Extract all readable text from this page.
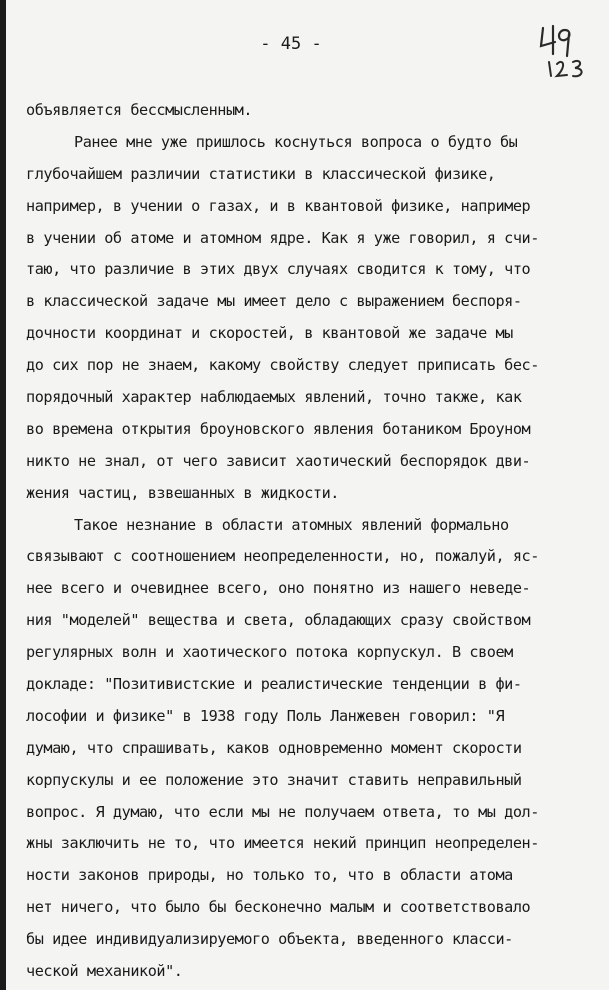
- 45 -
объявляется бессмысленным.
Ранее мне уже пришлось коснуться вопроса о будто бы
глубочайшем различии статистики в классической физике,
например, в учении о газах, и в квантовой физике, например
в учении об атоме и атомном ядре. Как я уже говорил, я счи-
таю, что различие в этих двух случаях сводится к тому, что
в классической задаче мы имеет дело с выражением беспоря-
дочности координат и скоростей, в квантовой же задаче мы
до сих пор не знаем, какому свойству следует приписать бес-
порядочный характер наблюдаемых явлений, точно также, как
во времена открытия броуновского явления ботаником Броуном
никто не знал, от чего зависит хаотический беспорядок дви-
жения частиц, взвешанных в жидкости.
Такое незнание в области атомных явлений формально
связывают с соотношением неопределенности, но, пожалуй, яс-
нее всего и очевиднее всего, оно понятно из нашего неведе-
ния "моделей" вещества и света, обладающих сразу свойством
регулярных волн и хаотического потока корпускул. В своем
докладе: "Позитивистские и реалистические тенденции в фи-
лософии и физике" в 1938 году Поль Ланжевен говорил: "Я
думаю, что спрашивать, каков одновременно момент скорости
корпускулы и ее положение это значит ставить неправильный
вопрос. Я думаю, что если мы не получаем ответа, то мы дол-
жны заключить не то, что имеется некий принцип неопределен-
ности законов природы, но только то, что в области атома
нет ничего, что было бы бесконечно малым и соответствовало
бы идее индивидуализируемого объекта, введенного класси-
ческой механикой".
